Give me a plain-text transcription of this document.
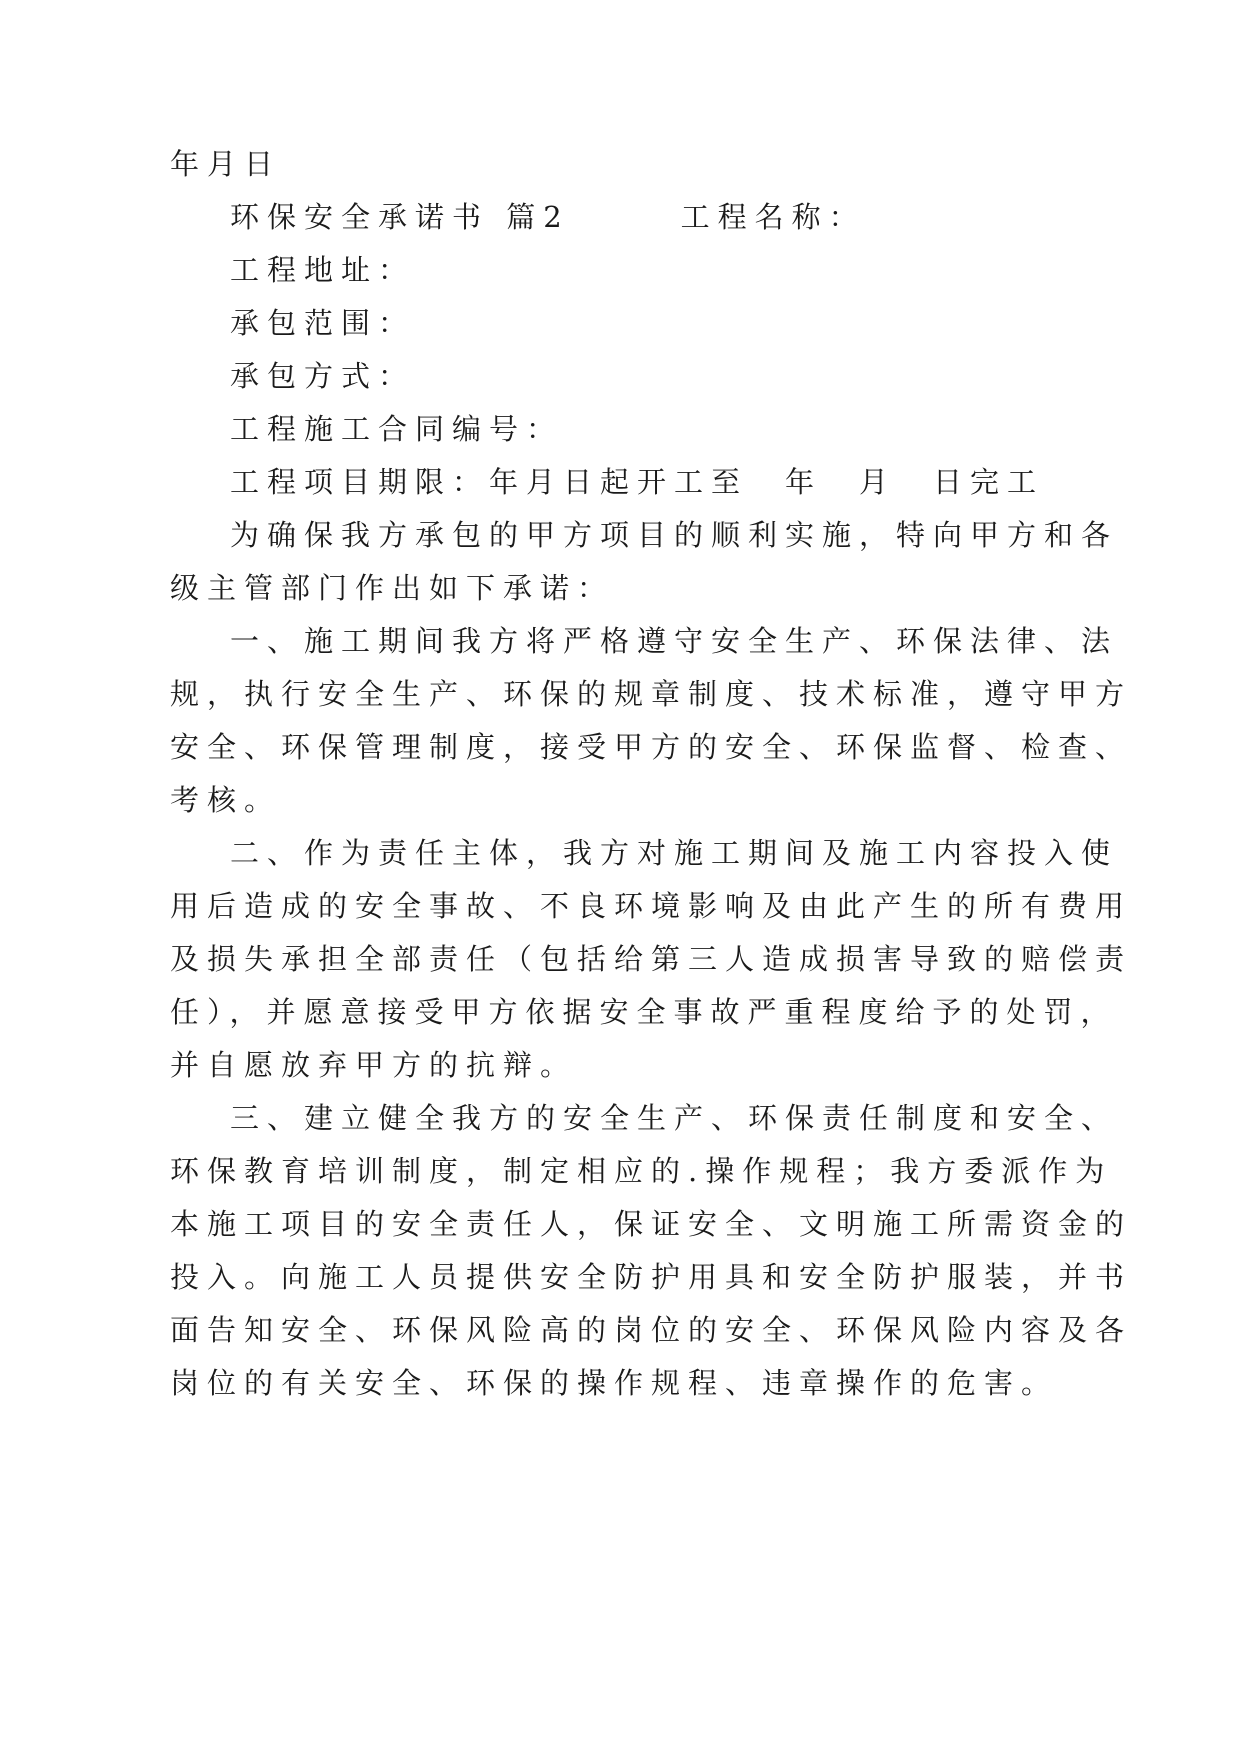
年月日
环保安全承诺书 篇2　　　工程名称：
工程地址：
承包范围：
承包方式：
工程施工合同编号：
工程项目期限：年月日起开工至　年　月　日完工
为确保我方承包的甲方项目的顺利实施，特向甲方和各
级主管部门作出如下承诺：
一、施工期间我方将严格遵守安全生产、环保法律、法
规，执行安全生产、环保的规章制度、技术标准，遵守甲方
安全、环保管理制度，接受甲方的安全、环保监督、检查、
考核。
二、作为责任主体，我方对施工期间及施工内容投入使
用后造成的安全事故、不良环境影响及由此产生的所有费用
及损失承担全部责任（包括给第三人造成损害导致的赔偿责
任），并愿意接受甲方依据安全事故严重程度给予的处罚，
并自愿放弃甲方的抗辩。
三、建立健全我方的安全生产、环保责任制度和安全、
环保教育培训制度，制定相应的.操作规程；我方委派作为
本施工项目的安全责任人，保证安全、文明施工所需资金的
投入。向施工人员提供安全防护用具和安全防护服装，并书
面告知安全、环保风险高的岗位的安全、环保风险内容及各
岗位的有关安全、环保的操作规程、违章操作的危害。
